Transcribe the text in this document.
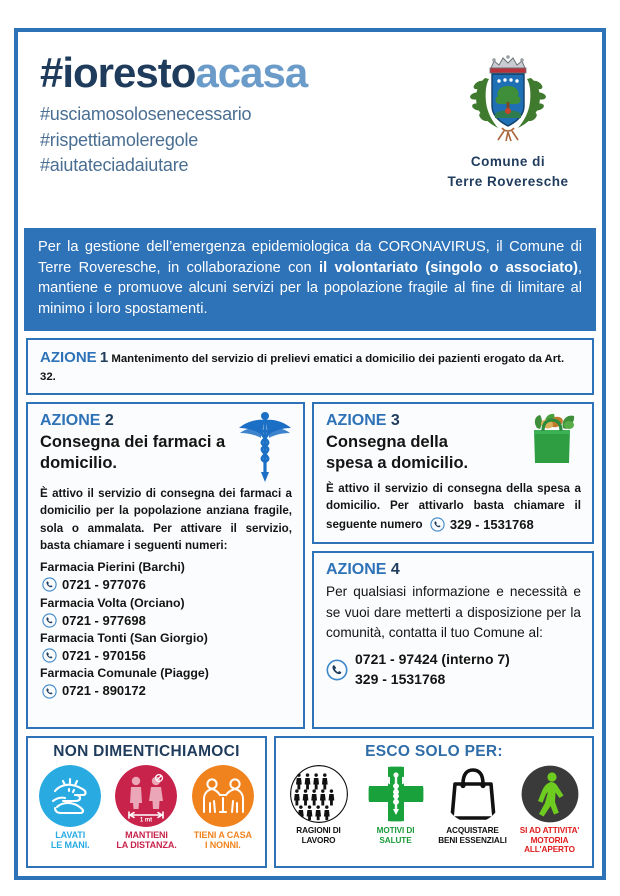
#iorestoacasa
#usciamosolosenecessario
#rispettiamoleregole
#aiutateciadaiutare	Comune di
Terre Roveresche
Per la gestione dell’emergenza epidemiologica da CORONAVIRUS, il Comune di Terre Roveresche, in collaborazione con il volontariato (singolo o associato), mantiene e promuove alcuni servizi per la popolazione fragile al fine di limitare al minimo i loro spostamenti.
AZIONE 1 Mantenimento del servizio di prelievi ematici a domicilio dei pazienti erogato da Art. 32.
AZIONE 2
Consegna dei farmaci a domicilio.
È attivo il servizio di consegna dei farmaci a domicilio per la popolazione anziana fragile, sola o ammalata. Per attivare il servizio, basta chiamare i seguenti numeri:
Farmacia Pierini (Barchi)
0721 - 977076
Farmacia Volta (Orciano)
0721 - 977698
Farmacia Tonti (San Giorgio)
0721 - 970156
Farmacia Comunale (Piagge)
0721 - 890172
AZIONE 3
Consegna della
spesa a domicilio.
È attivo il servizio di consegna della spesa a domicilio. Per attivarlo basta chiamare il seguente numero 329 - 1531768
AZIONE 4
Per qualsiasi informazione e necessità e se vuoi dare metterti a disposizione per la comunità, contatta il tuo Comune al:
0721 - 97424 (interno 7)
329 - 1531768
NON DIMENTICHIAMOCI
LAVATI
LE MANI.
1 mt
MANTIENI
LA DISTANZA.
TIENI A CASA
I NONNI.
ESCO SOLO PER:
RAGIONI DI
LAVORO
MOTIVI DI
SALUTE
ACQUISTARE
BENI ESSENZIALI
SI AD ATTIVITA'
MOTORIA
ALL'APERTO
